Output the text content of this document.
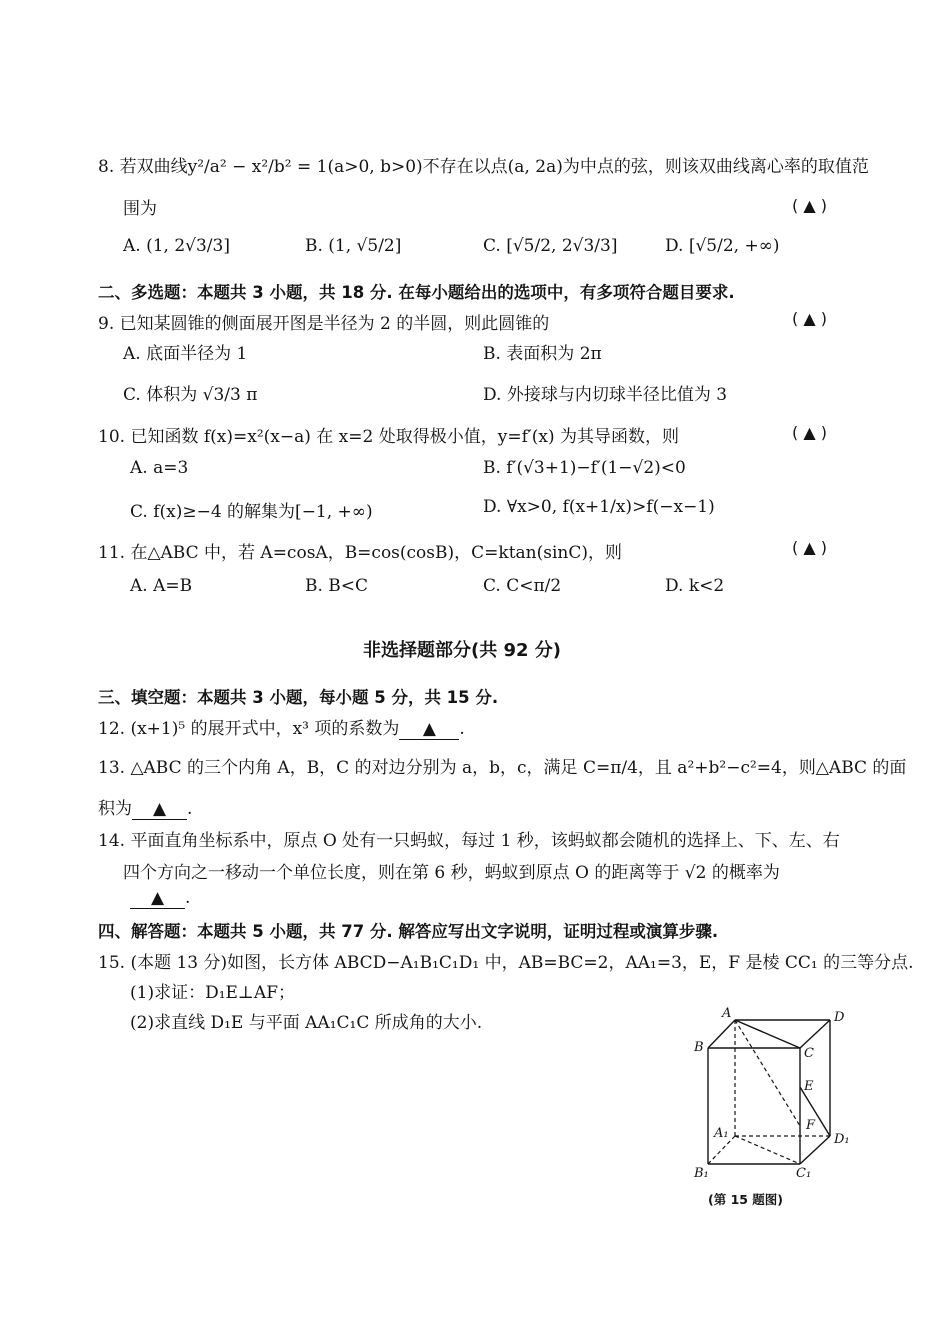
8. 若双曲线y²/a² − x²/b² = 1(a>0, b>0)不存在以点(a, 2a)为中点的弦，则该双曲线离心率的取值范
围为	( ▲ )
A. (1, 2√3/3]	B. (1, √5/2]	C. [√5/2, 2√3/3]	D. [√5/2, +∞)
二、多选题：本题共 3 小题，共 18 分. 在每小题给出的选项中，有多项符合题目要求.
9. 已知某圆锥的侧面展开图是半径为 2 的半圆，则此圆锥的	( ▲ )
A. 底面半径为 1	B. 表面积为 2π
C. 体积为 √3/3 π	D. 外接球与内切球半径比值为 3
10. 已知函数 f(x)=x²(x−a) 在 x=2 处取得极小值，y=f′(x) 为其导函数，则	( ▲ )
A. a=3	B. f′(√3+1)−f′(1−√2)<0
C. f(x)≥−4 的解集为[−1, +∞)	D. ∀x>0, f(x+1/x)>f(−x−1)
11. 在△ABC 中，若 A=cosA，B=cos(cosB)，C=ktan(sinC)，则	( ▲ )
A. A=B	B. B<C	C. C<π/2	D. k<2
非选择题部分(共 92 分)
三、填空题：本题共 3 小题，每小题 5 分，共 15 分.
12. (x+1)⁵ 的展开式中，x³ 项的系数为 ▲ .
13. △ABC 的三个内角 A，B，C 的对边分别为 a，b，c，满足 C=π/4，且 a²+b²−c²=4，则△ABC 的面
积为 ▲ .
14. 平面直角坐标系中，原点 O 处有一只蚂蚁，每过 1 秒，该蚂蚁都会随机的选择上、下、左、右
四个方向之一移动一个单位长度，则在第 6 秒，蚂蚁到原点 O 的距离等于 √2 的概率为
▲ .
四、解答题：本题共 5 小题，共 77 分. 解答应写出文字说明，证明过程或演算步骤.
15. (本题 13 分)如图，长方体 ABCD−A₁B₁C₁D₁ 中，AB=BC=2，AA₁=3，E，F 是棱 CC₁ 的三等分点.
(1)求证：D₁E⊥AF；
(2)求直线 D₁E 与平面 AA₁C₁C 所成角的大小.	A	D
B	C
E
A₁
F
D₁
B₁	C₁
(第 15 题图)
